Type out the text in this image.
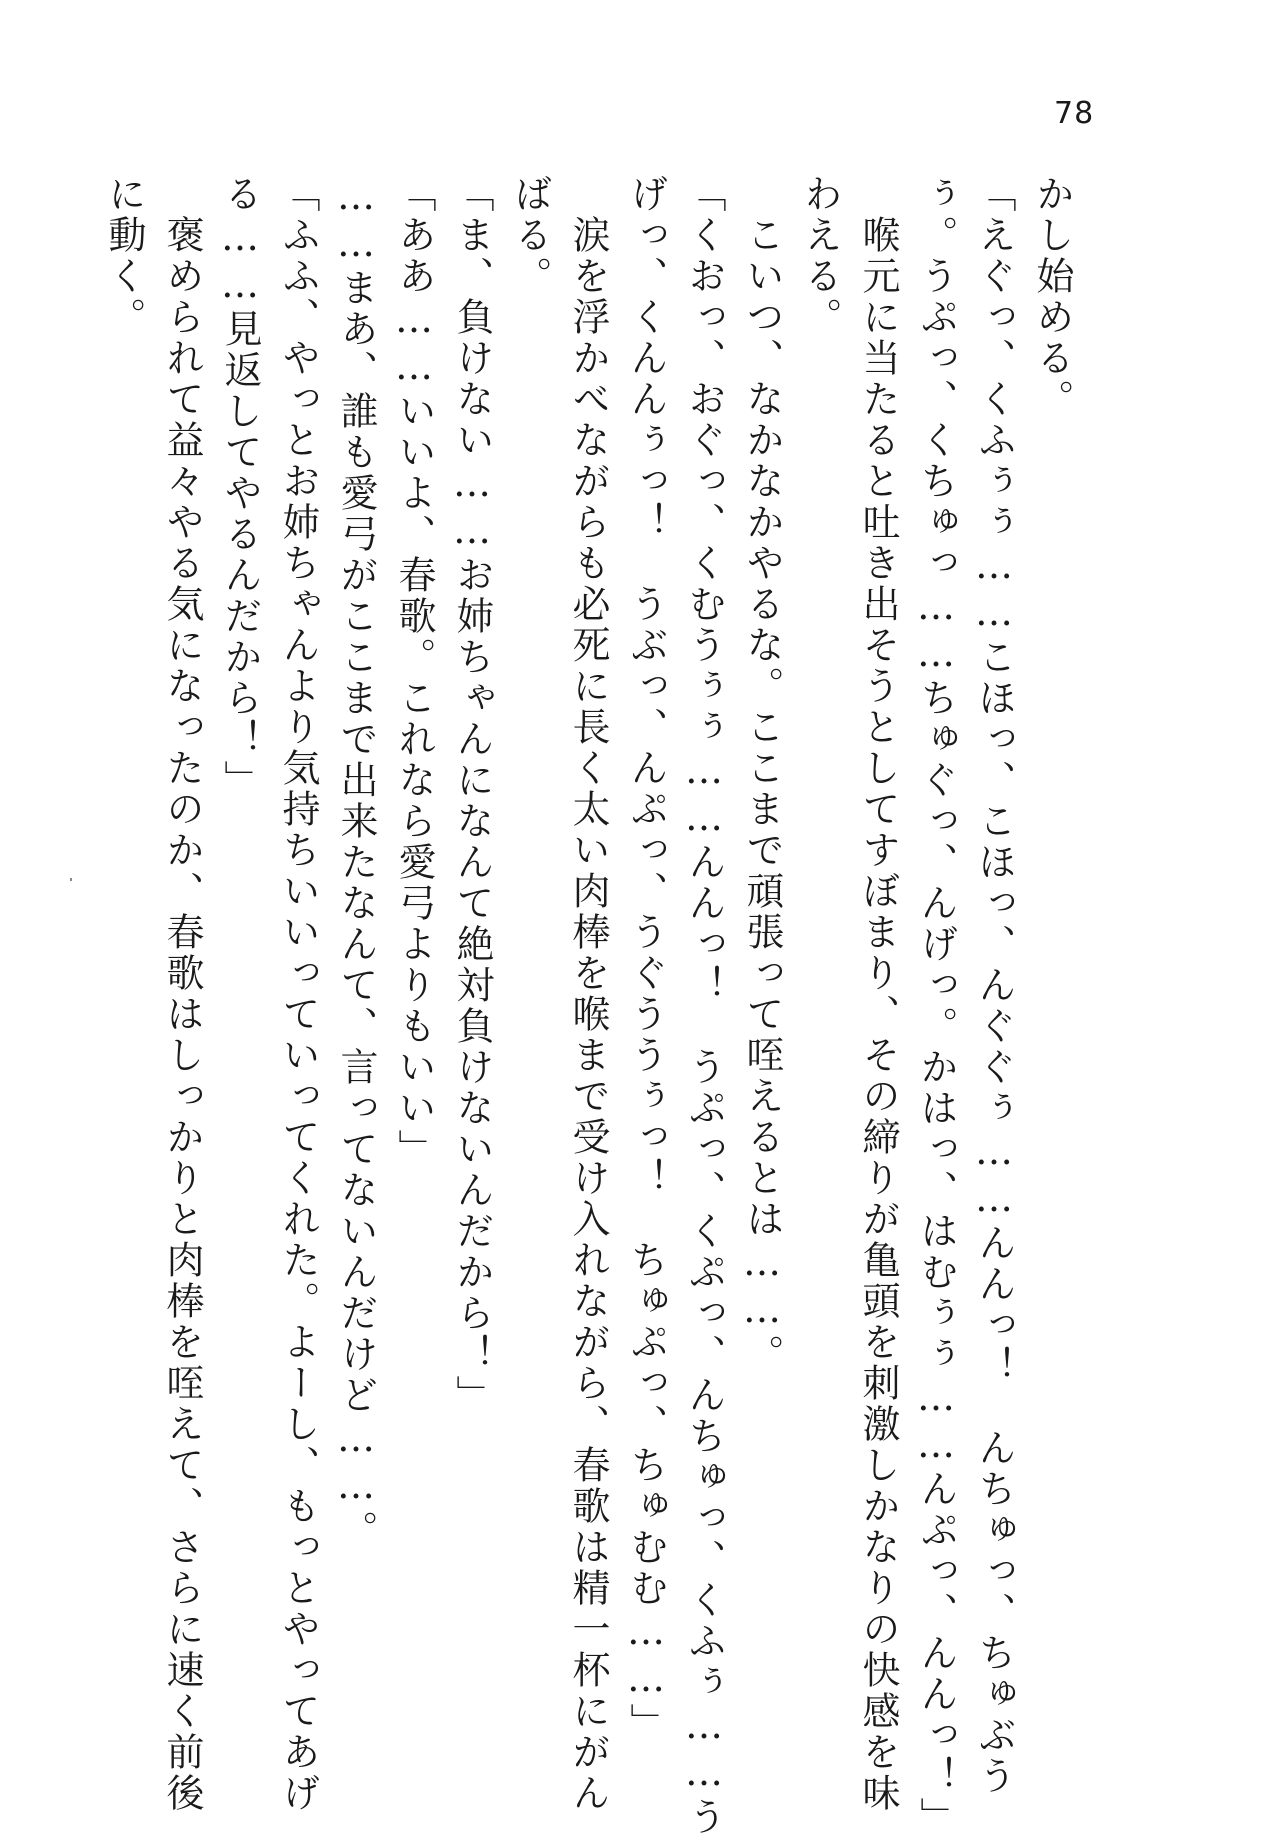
78
かし始める。
「えぐっ、くふぅぅ……こほっ、こほっ、んぐぐぅ……んんっ！　んちゅっ、ちゅぶう
ぅ。うぷっ、くちゅっ……ちゅぐっ、んげっ。かはっ、はむぅぅ……んぷっ、んんっ！」
　喉元に当たると吐き出そうとしてすぼまり、その締りが亀頭を刺激しかなりの快感を味
わえる。
　こいつ、なかなかやるな。ここまで頑張って咥えるとは……。
「くおっ、おぐっ、くむうぅぅ……んんっ！　うぷっ、くぷっ、んちゅっ、くふぅ……う
げっ、くんんぅっ！　うぶっ、んぷっ、うぐううぅっ！　ちゅぷっ、ちゅむむ……」
　涙を浮かべながらも必死に長く太い肉棒を喉まで受け入れながら、春歌は精一杯にがん
ばる。
「ま、負けない……お姉ちゃんになんて絶対負けないんだから！」
「ああ……いいよ、春歌。これなら愛弓よりもいい」
……まあ、誰も愛弓がここまで出来たなんて、言ってないんだけど……。
「ふふ、やっとお姉ちゃんより気持ちいいっていってくれた。よーし、もっとやってあげ
る……見返してやるんだから！」
　褒められて益々やる気になったのか、春歌はしっかりと肉棒を咥えて、さらに速く前後
に動く。
